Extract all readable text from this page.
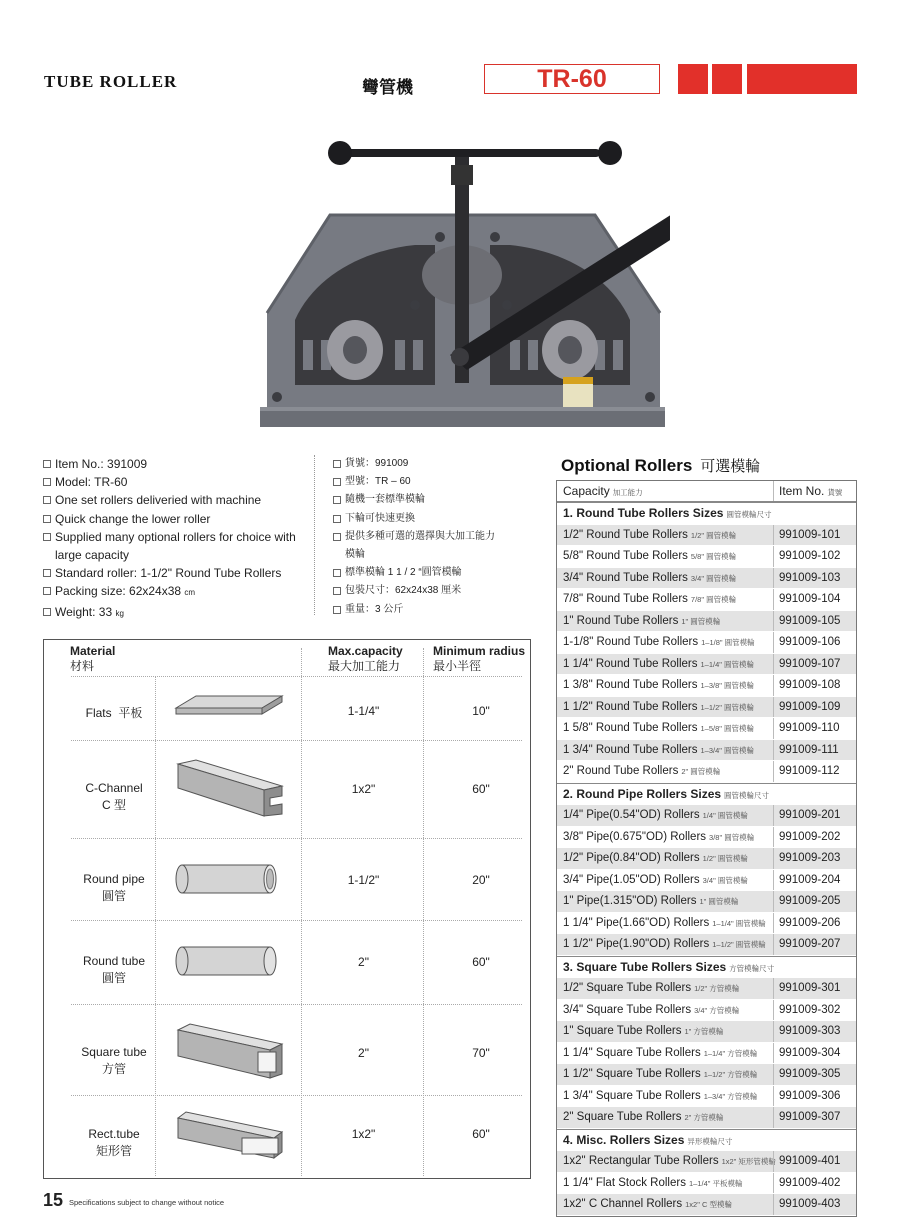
TUBE ROLLER	彎管機	TR-60
Item No.: 391009
Model: TR-60
One set rollers deliveried with machine
Quick change the lower roller
Supplied many optional rollers for choice with
large capacity
Standard roller: 1-1/2" Round Tube Rollers
Packing size: 62x24x38 cm
Weight: 33 kg
貨號：991009
型號：TR – 60
隨機一套標準模輪
下輪可快速更換
提供多種可選的選擇與大加工能力
模輪
標準模輪 1 1 / 2 “圓管模輪
包裝尺寸：62x24x38 厘米
重量：3 公斤
Material
材料
Max.capacity
最大加工能力
Minimum radius
最小半徑
Flats 平板	1-1/4"	10"
C-Channel
C 型
1x2"	60"
Round pipe
圓管
1-1/2"	20"
Round tube
圓管
2"	60"
Square tube
方管
2"	70"
Rect.tube
矩形管
1x2"	60"
Optional Rollers 可選模輪
Capacity 加工能力	Item No. 貨號
1. Round Tube Rollers Sizes 圓管模輪尺寸
1/2" Round Tube Rollers 1/2" 圓管模輪	991009-101
5/8" Round Tube Rollers 5/8" 圓管模輪	991009-102
3/4" Round Tube Rollers 3/4" 圓管模輪	991009-103
7/8" Round Tube Rollers 7/8" 圓管模輪	991009-104
1" Round Tube Rollers 1" 圓管模輪	991009-105
1-1/8" Round Tube Rollers 1–1/8" 圓管模輪	991009-106
1 1/4" Round Tube Rollers 1–1/4" 圓管模輪	991009-107
1 3/8" Round Tube Rollers 1–3/8" 圓管模輪	991009-108
1 1/2" Round Tube Rollers 1–1/2" 圓管模輪	991009-109
1 5/8" Round Tube Rollers 1–5/8" 圓管模輪	991009-110
1 3/4" Round Tube Rollers 1–3/4" 圓管模輪	991009-111
2" Round Tube Rollers 2" 圓管模輪	991009-112
2. Round Pipe Rollers Sizes 圓管模輪尺寸
1/4" Pipe(0.54"OD) Rollers 1/4" 圓管模輪	991009-201
3/8" Pipe(0.675"OD) Rollers 3/8" 圓管模輪	991009-202
1/2" Pipe(0.84"OD) Rollers 1/2" 圓管模輪	991009-203
3/4" Pipe(1.05"OD) Rollers 3/4" 圓管模輪	991009-204
1" Pipe(1.315"OD) Rollers 1" 圓管模輪	991009-205
1 1/4" Pipe(1.66"OD) Rollers 1–1/4" 圓管模輪	991009-206
1 1/2" Pipe(1.90"OD) Rollers 1–1/2" 圓管模輪	991009-207
3. Square Tube Rollers Sizes 方管模輪尺寸
1/2" Square Tube Rollers 1/2" 方管模輪	991009-301
3/4" Square Tube Rollers 3/4" 方管模輪	991009-302
1" Square Tube Rollers 1" 方管模輪	991009-303
1 1/4" Square Tube Rollers 1–1/4" 方管模輪	991009-304
1 1/2" Square Tube Rollers 1–1/2" 方管模輪	991009-305
1 3/4" Square Tube Rollers 1–3/4" 方管模輪	991009-306
2" Square Tube Rollers 2" 方管模輪	991009-307
4. Misc. Rollers Sizes 异形模輪尺寸
1x2" Rectangular Tube Rollers 1x2" 矩形管模輪 991009-401
1 1/4" Flat Stock Rollers 1–1/4" 平板模輪	991009-402
1x2" C Channel Rollers 1x2" C 型模輪	991009-403
15 Specifications subject to change without notice
